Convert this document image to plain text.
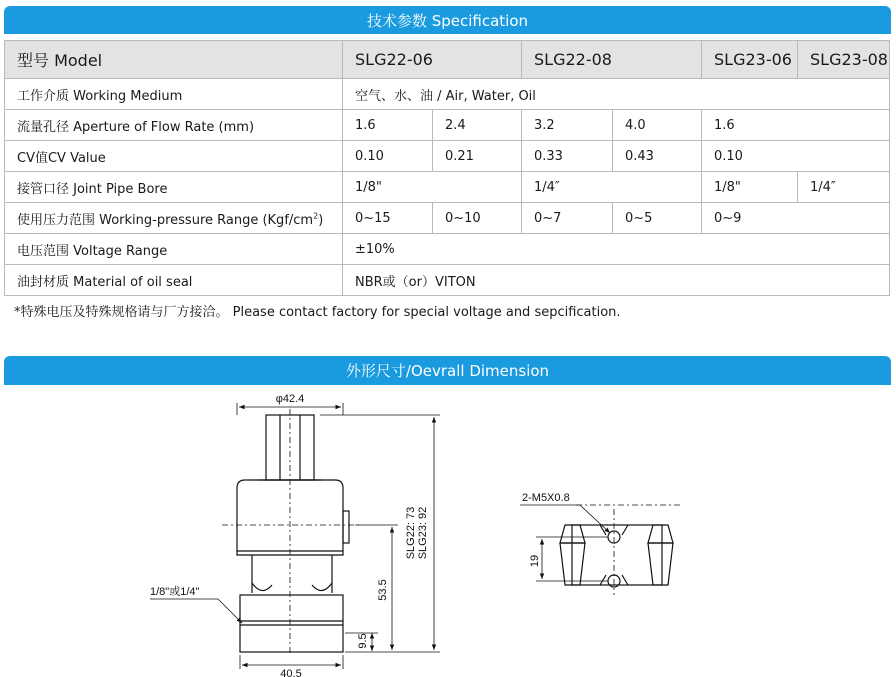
技术参数 Specification
型号 Model	SLG22-06		SLG22-08		SLG23-06	SLG23-08
工作介质 Working Medium	空气、水、油 / Air, Water, Oil					
流量孔径 Aperture of Flow Rate (mm)	1.6	2.4	3.2	4.0	1.6	
CV值CV Value	0.10	0.21	0.33	0.43	0.10	
接管口径 Joint Pipe Bore	1/8"		1/4″		1/8"	1/4″
使用压力范围 Working-pressure Range $(Kgf/cm^2)$	0~15	0~10	0~7	0~5	0~9	
电压范围 Voltage Range	±10%					
油封材质 Material of oil seal	NBR或（or）VITON					
*特殊电压及特殊规格请与厂方接洽。 Please contact factory for special voltage and sepcification.
外形尺寸/Oevrall Dimension
φ42.4
SLG22: 73 SLG23: 92
53.5
9.5
40.5
1/8"或1/4"
2-M5X0.8
19
